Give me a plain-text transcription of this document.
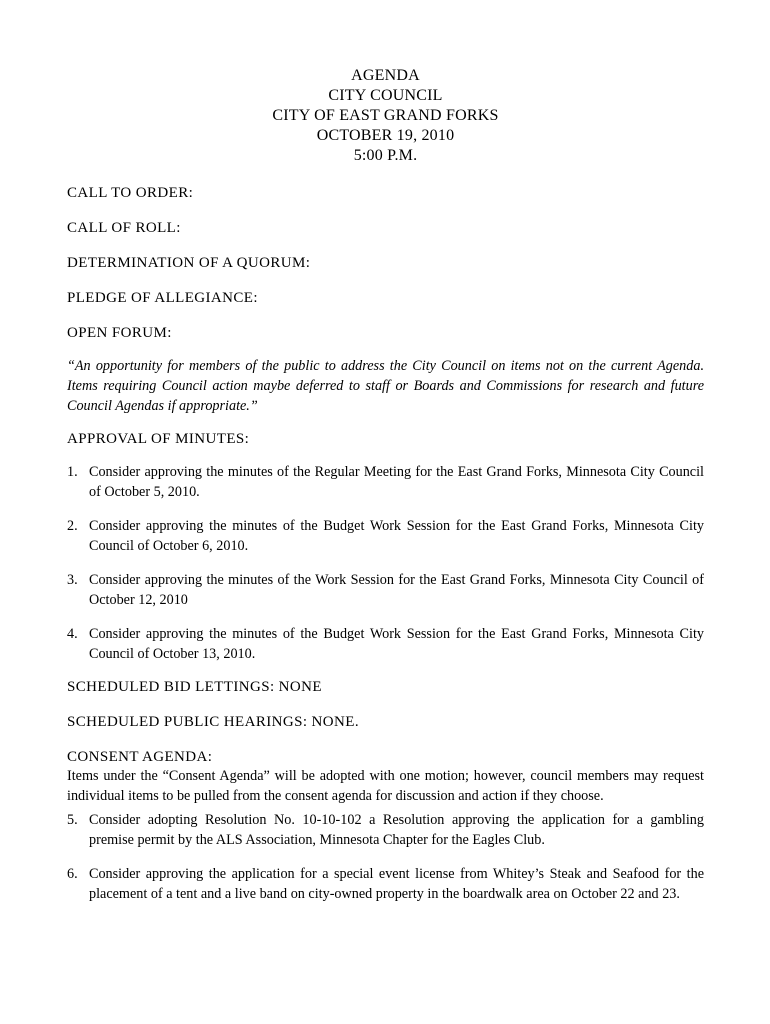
AGENDA
CITY COUNCIL
CITY OF EAST GRAND FORKS
OCTOBER 19, 2010
5:00 P.M.

CALL TO ORDER:

CALL OF ROLL:

DETERMINATION OF A QUORUM:

PLEDGE OF ALLEGIANCE:

OPEN FORUM:

“An opportunity for members of the public to address the City Council on items not on the current Agenda. Items requiring Council action maybe deferred to staff or Boards and Commissions for research and future Council Agendas if appropriate.”

APPROVAL OF MINUTES:

1. Consider approving the minutes of the Regular Meeting for the East Grand Forks, Minnesota City Council of October 5, 2010.
2. Consider approving the minutes of the Budget Work Session for the East Grand Forks, Minnesota City Council of October 6, 2010.
3. Consider approving the minutes of the Work Session for the East Grand Forks, Minnesota City Council of October 12, 2010
4. Consider approving the minutes of the Budget Work Session for the East Grand Forks, Minnesota City Council of October 13, 2010.

SCHEDULED BID LETTINGS: NONE

SCHEDULED PUBLIC HEARINGS: NONE.

CONSENT AGENDA:

Items under the “Consent Agenda” will be adopted with one motion; however, council members may request individual items to be pulled from the consent agenda for discussion and action if they choose.

5. Consider adopting Resolution No. 10-10-102 a Resolution approving the application for a gambling premise permit by the ALS Association, Minnesota Chapter for the Eagles Club.
6. Consider approving the application for a special event license from Whitey’s Steak and Seafood for the placement of a tent and a live band on city-owned property in the boardwalk area on October 22 and 23.
